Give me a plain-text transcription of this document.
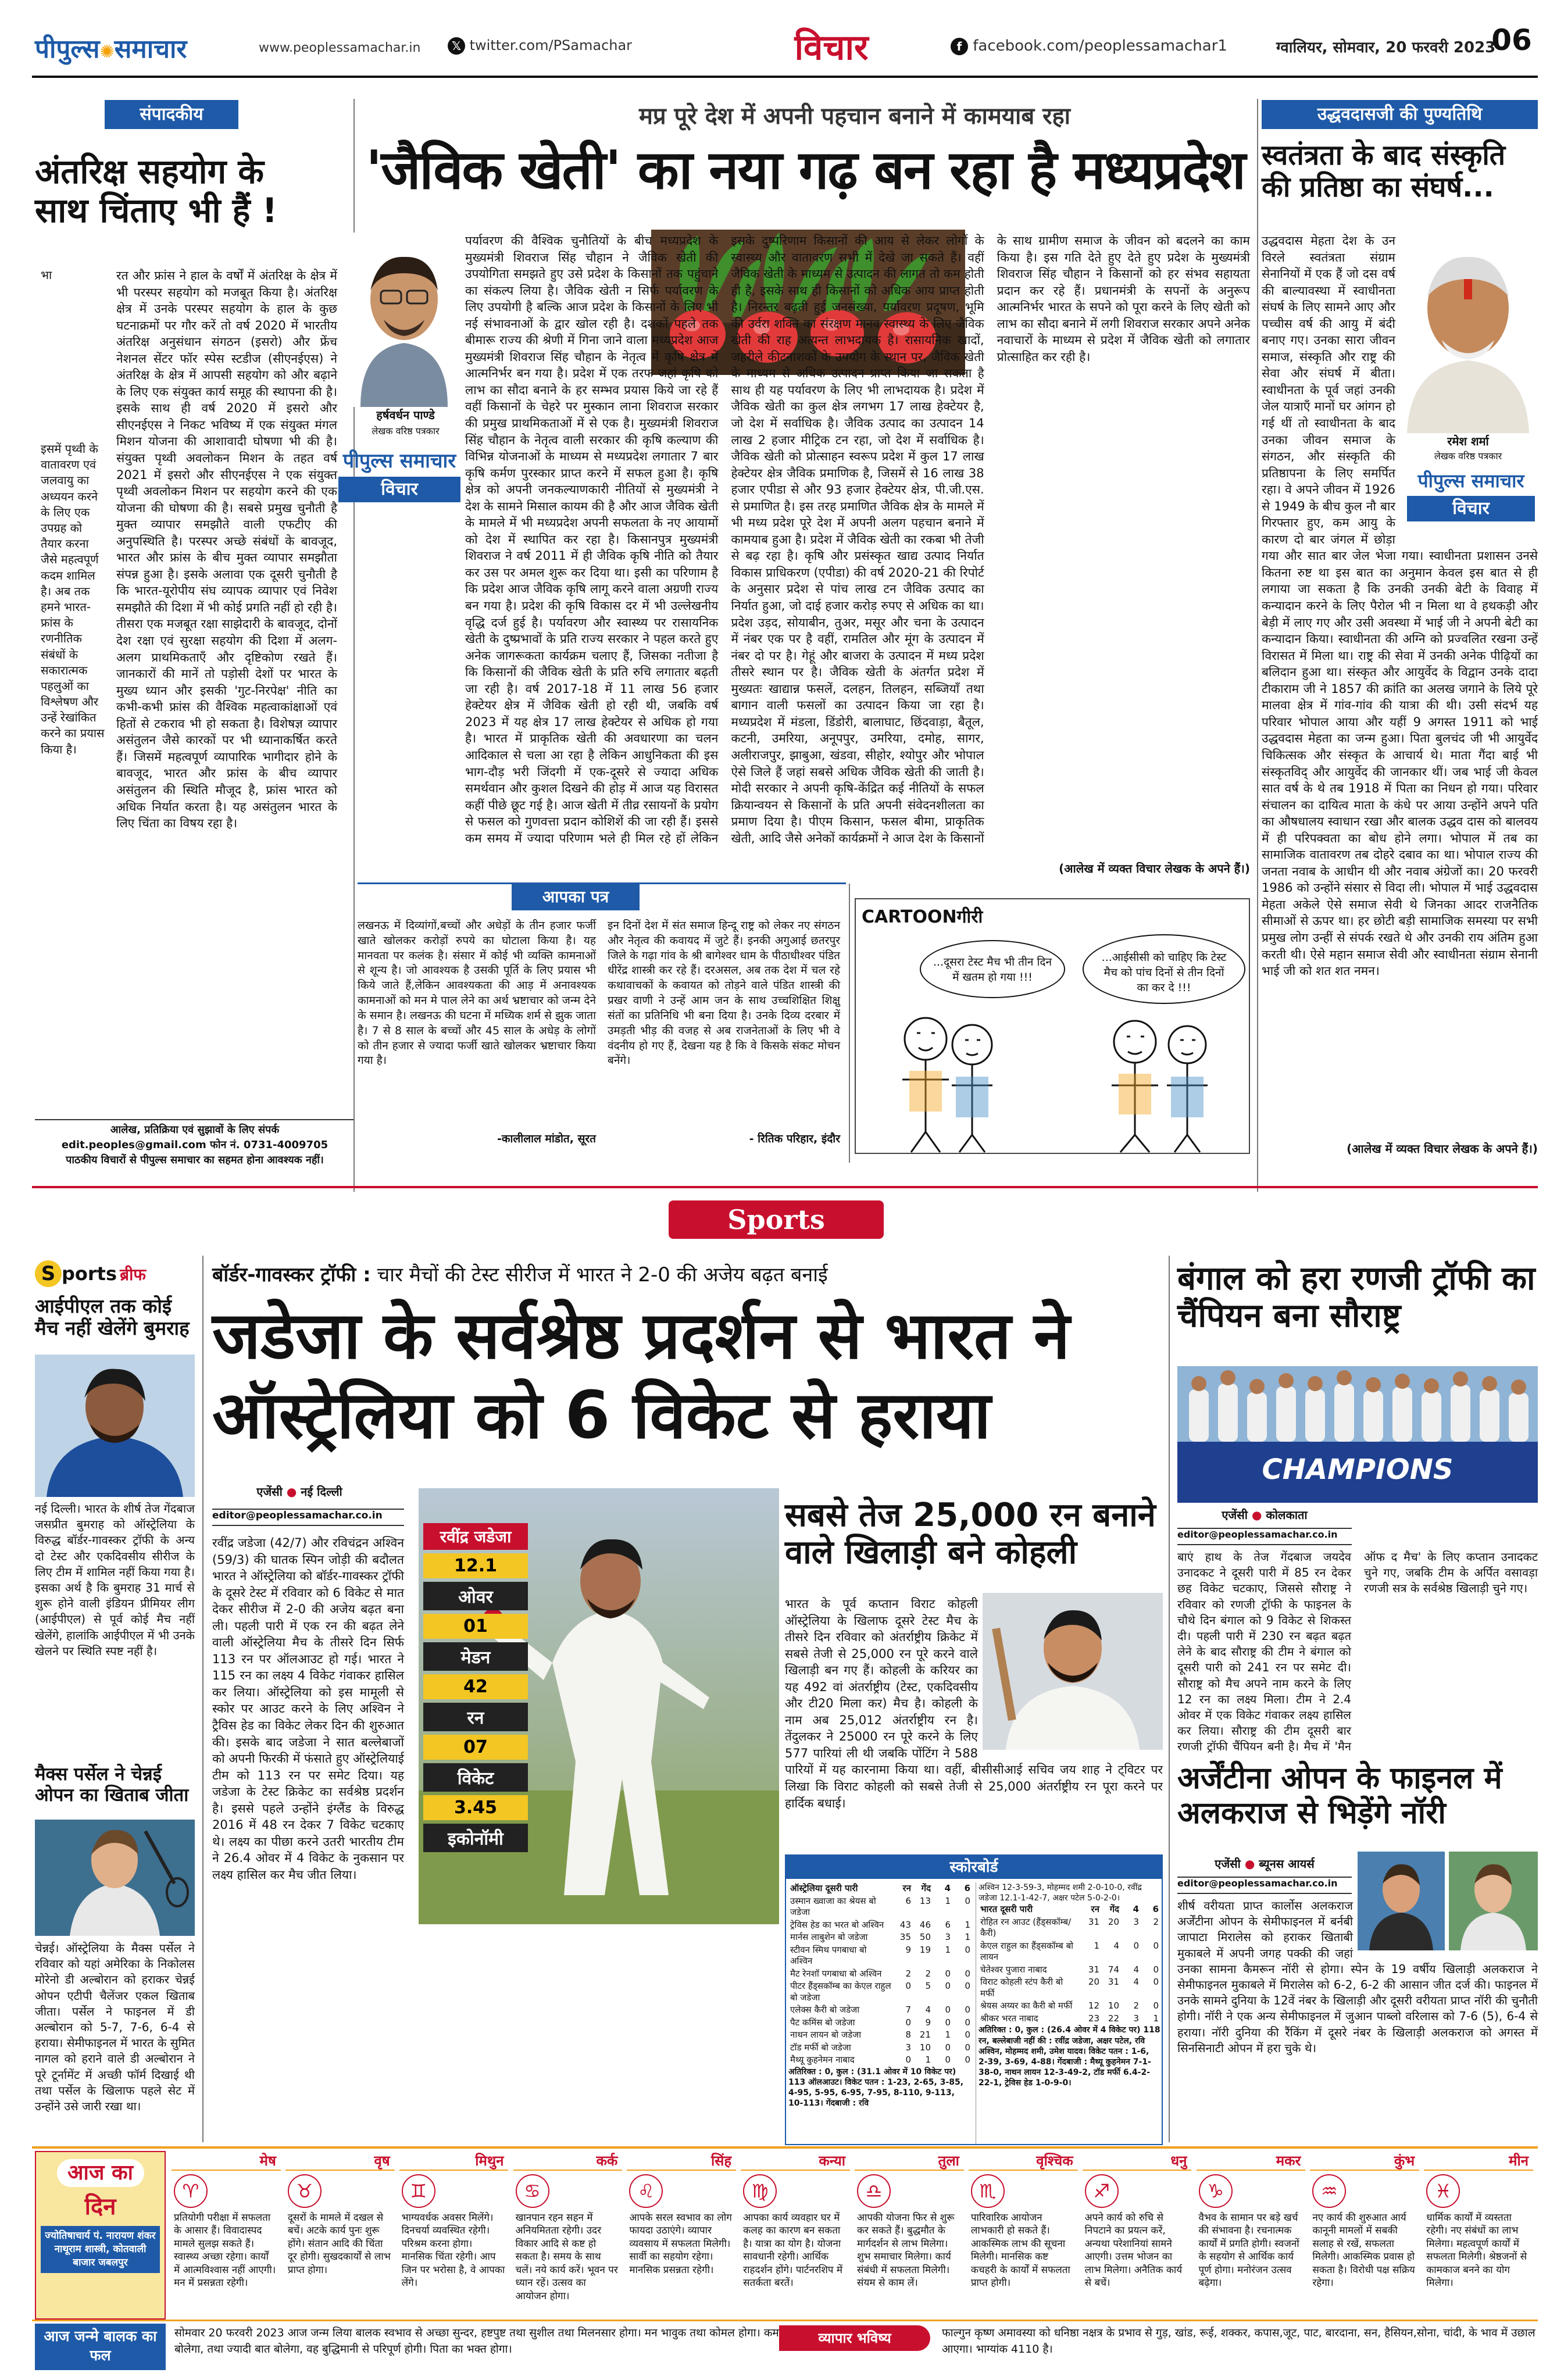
पीपुल्स✺समाचार	www.peoplessamachar.in	𝕏 twitter.com/PSamachar	विचार	f facebook.com/peoplessamachar1	ग्वालियर, सोमवार, 20 फरवरी 2023
06
संपादकीय
अंतरिक्ष सहयोग के साथ चिंताए भी हैं !
भा

इसमें पृथ्वी के वातावरण एवं जलवायु का अध्ययन करने के लिए एक उपग्रह को तैयार करना जैसे महत्वपूर्ण कदम शामिल है। अब तक हमने भारत-फ्रांस के रणनीतिक संबंधों के सकारात्मक पहलुओं का विश्लेषण और उन्हें रेखांकित करने का प्रयास किया है।
रत और फ्रांस ने हाल के वर्षों में अंतरिक्ष के क्षेत्र में भी परस्पर सहयोग को मजबूत किया है। अंतरिक्ष क्षेत्र में उनके परस्पर सहयोग के हाल के कुछ घटनाक्रमों पर गौर करें तो वर्ष 2020 में भारतीय अंतरिक्ष अनुसंधान संगठन (इसरो) और फ्रेंच नेशनल सेंटर फॉर स्पेस स्टडीज (सीएनईएस) ने अंतरिक्ष के क्षेत्र में आपसी सहयोग को और बढ़ाने के लिए एक संयुक्त कार्य समूह की स्थापना की है। इसके साथ ही वर्ष 2020 में इसरो और सीएनईएस ने निकट भविष्य में एक संयुक्त मंगल मिशन योजना की आशावादी घोषणा भी की है। संयुक्त पृथ्वी अवलोकन मिशन के तहत वर्ष 2021 में इसरो और सीएनईएस ने एक संयुक्त पृथ्वी अवलोकन मिशन पर सहयोग करने की एक योजना की घोषणा की है। सबसे प्रमुख चुनौती है मुक्त व्यापार समझौते वाली एफटीए की अनुपस्थिति है। परस्पर अच्छे संबंधों के बावजूद, भारत और फ्रांस के बीच मुक्त व्यापार समझौता संपन्न हुआ है। इसके अलावा एक दूसरी चुनौती है कि भारत-यूरोपीय संघ व्यापक व्यापार एवं निवेश समझौते की दिशा में भी कोई प्रगति नहीं हो रही है। तीसरा एक मजबूत रक्षा साझेदारी के बावजूद, दोनों देश रक्षा एवं सुरक्षा सहयोग की दिशा में अलग-अलग प्राथमिकताएँ और दृष्टिकोण रखते हैं। जानकारों की मानें तो पड़ोसी देशों पर भारत के मुख्य ध्यान और इसकी 'गुट-निरपेक्ष' नीति का कभी-कभी फ्रांस की वैश्विक महत्वाकांक्षाओं एवं हितों से टकराव भी हो सकता है। विशेषज्ञ व्यापार असंतुलन जैसे कारकों पर भी ध्यानाकर्षित करते हैं। जिसमें महत्वपूर्ण व्यापारिक भागीदार होने के बावजूद, भारत और फ्रांस के बीच व्यापार असंतुलन की स्थिति मौजूद है, फ्रांस भारत को अधिक निर्यात करता है। यह असंतुलन भारत के लिए चिंता का विषय रहा है।
आलेख, प्रतिक्रिया एवं सुझावों के लिए संपर्क
edit.peoples@gmail.com फोन नं. 0731-4009705
पाठकीय विचारों से पीपुल्स समाचार का सहमत होना आवश्यक नहीं।
मप्र पूरे देश में अपनी पहचान बनाने में कामयाब रहा
'जैविक खेती' का नया गढ़ बन रहा है मध्यप्रदेश
हर्षवर्धन पाण्डे
लेखक वरिष्ठ पत्रकार
पीपुल्स समाचार
विचार
पर्यावरण की वैश्विक चुनौतियों के बीच मध्यप्रदेश के मुख्यमंत्री शिवराज सिंह चौहान ने जैविक खेती की उपयोगिता समझते हुए उसे प्रदेश के किसानों तक पहुंचाने का संकल्प लिया है। जैविक खेती न सिर्फ पर्यावरण के लिए उपयोगी है बल्कि आज प्रदेश के किसानों के लिए भी नई संभावनाओं के द्वार खोल रही है। दशकों पहले तक बीमारू राज्य की श्रेणी में गिना जाने वाला मध्यप्रदेश आज मुख्यमंत्री शिवराज सिंह चौहान के नेतृत्व में कृषि क्षेत्र में आत्मनिर्भर बन गया है। प्रदेश में एक तरफ जहां कृषि को लाभ का सौदा बनाने के हर सम्भव प्रयास किये जा रहे हैं वहीं किसानों के चेहरे पर मुस्कान लाना शिवराज सरकार की प्रमुख प्राथमिकताओं में से एक है। मुख्यमंत्री शिवराज सिंह चौहान के नेतृत्व वाली सरकार की कृषि कल्याण की विभिन्न योजनाओं के माध्यम से मध्यप्रदेश लगातार 7 बार कृषि कर्मण पुरस्कार प्राप्त करने में सफल हुआ है। कृषि क्षेत्र को अपनी जनकल्याणकारी नीतियों से मुख्यमंत्री ने देश के सामने मिसाल कायम की है और आज जैविक खेती के मामले में भी मध्यप्रदेश अपनी सफलता के नए आयामों को देश में स्थापित कर रहा है। किसानपुत्र मुख्यमंत्री शिवराज ने वर्ष 2011 में ही जैविक कृषि नीति को तैयार कर उस पर अमल शुरू कर दिया था। इसी का परिणाम है कि प्रदेश आज जैविक कृषि लागू करने वाला अग्रणी राज्य बन गया है। प्रदेश की कृषि विकास दर में भी उल्लेखनीय वृद्धि दर्ज हुई है। पर्यावरण और स्वास्थ्य पर रासायनिक खेती के दुष्प्रभावों के प्रति राज्य सरकार ने पहल करते हुए अनेक जागरूकता कार्यक्रम चलाए हैं, जिसका नतीजा है कि किसानों की जैविक खेती के प्रति रुचि लगातार बढ़ती जा रही है। वर्ष 2017-18 में 11 लाख 56 हजार हेक्टेयर क्षेत्र में जैविक खेती हो रही थी, जबकि वर्ष 2023 में यह क्षेत्र 17 लाख हेक्टेयर से अधिक हो गया है। भारत में प्राकृतिक खेती की अवधारणा का चलन आदिकाल से चला आ रहा है लेकिन आधुनिकता की इस भाग-दौड़ भरी जिंदगी में एक-दूसरे से ज्यादा अधिक समर्थवान और कुशल दिखने की होड़ में आज यह विरासत कहीं पीछे छूट गई है। आज खेती में तीव्र रसायनों के प्रयोग से फसल को गुणवत्ता प्रदान कोशिशें की जा रही हैं। इससे कम समय में ज्यादा परिणाम भले ही मिल रहे हों लेकिन इसके दुष्परिणाम किसानों की आय से लेकर लोगों के स्वास्थ्य और वातावरण सभी में देखे जा सकते हैं। वहीं जैविक खेती के माध्यम से उत्पादन की लागत तो कम होती ही है, इसके साथ ही किसानों को अधिक आय प्राप्त होती है। निरन्तर बढ़ती हुई जनसंख्या, पर्यावरण प्रदूषण, भूमि की उर्वरा शक्ति का संरक्षण मानव स्वास्थ्य के लिए जैविक खेती की राह अत्यन्त लाभदायक है। रासायनिक खादों, जहरीले कीटनाशकों के उपयोग के स्थान पर, जैविक खेती के माध्यम से अधिक उत्पादन प्राप्त किया जा सकता है साथ ही यह पर्यावरण के लिए भी लाभदायक है। प्रदेश में जैविक खेती का कुल क्षेत्र लगभग 17 लाख हेक्टेयर है, जो देश में सर्वाधिक है। जैविक उत्पाद का उत्पादन 14 लाख 2 हजार मीट्रिक टन रहा, जो देश में सर्वाधिक है। जैविक खेती को प्रोत्साहन स्वरूप प्रदेश में कुल 17 लाख हेक्टेयर क्षेत्र जैविक प्रमाणिक है, जिसमें से 16 लाख 38 हजार एपीडा से और 93 हजार हेक्टेयर क्षेत्र, पी.जी.एस. से प्रमाणित है। इस तरह प्रमाणित जैविक क्षेत्र के मामले में भी मध्य प्रदेश पूरे देश में अपनी अलग पहचान बनाने में कामयाब हुआ है। प्रदेश में जैविक खेती का रकबा भी तेजी से बढ़ रहा है। कृषि और प्रसंस्कृत खाद्य उत्पाद निर्यात विकास प्राधिकरण (एपीडा) की वर्ष 2020-21 की रिपोर्ट के अनुसार प्रदेश से पांच लाख टन जैविक उत्पाद का निर्यात हुआ, जो दाई हजार करोड़ रुपए से अधिक का था। प्रदेश उड़द, सोयाबीन, तुअर, मसूर और चना के उत्पादन में नंबर एक पर है वहीं, रामतिल और मूंग के उत्पादन में नंबर दो पर है। गेहूं और बाजरा के उत्पादन में मध्य प्रदेश तीसरे स्थान पर है। जैविक खेती के अंतर्गत प्रदेश में मुख्यतः खाद्यान्न फसलें, दलहन, तिलहन, सब्जियाँ तथा बागान वाली फसलों का उत्पादन किया जा रहा है। मध्यप्रदेश में मंडला, डिंडोरी, बालाघाट, छिंदवाड़ा, बैतूल, कटनी, उमरिया, अनूपपुर, उमरिया, दमोह, सागर, अलीराजपुर, झाबुआ, खंडवा, सीहोर, श्योपुर और भोपाल ऐसे जिले हैं जहां सबसे अधिक जैविक खेती की जाती है। मोदी सरकार ने अपनी कृषि-केंद्रित कई नीतियों के सफल क्रियान्वयन से किसानों के प्रति अपनी संवेदनशीलता का प्रमाण दिया है। पीएम किसान, फसल बीमा, प्राकृतिक खेती, आदि जैसे अनेकों कार्यक्रमों ने आज देश के किसानों के साथ ग्रामीण समाज के जीवन को बदलने का काम किया है। इस गति देते हुए देते हुए प्रदेश के मुख्यमंत्री शिवराज सिंह चौहान ने किसानों को हर संभव सहायता प्रदान कर रहे हैं। प्रधानमंत्री के सपनों के अनुरूप आत्मनिर्भर भारत के सपने को पूरा करने के लिए खेती को लाभ का सौदा बनाने में लगी शिवराज सरकार अपने अनेक नवाचारों के माध्यम से प्रदेश में जैविक खेती को लगातार प्रोत्साहित कर रही है।
(आलेख में व्यक्त विचार लेखक के अपने हैं।)
आपका पत्र
लखनऊ में दिव्यांगों,बच्चों और अधेड़ों के तीन हजार फर्जी खाते खोलकर करोड़ों रुपये का घोटाला किया है। यह मानवता पर कलंक है। संसार में कोई भी व्यक्ति कामनाओं से शून्य है। जो आवश्यक है उसकी पूर्ति के लिए प्रयास भी किये जाते हैं,लेकिन आवश्यकता की आड़ में अनावश्यक कामनाओं को मन मे पाल लेने का अर्थ भ्रष्टाचार को जन्म देने के समान है। लखनऊ की घटना में मध्यिक शर्म से झुक जाता है। 7 से 8 साल के बच्चों और 45 साल के अधेड़ के लोगों को तीन हजार से ज्यादा फर्जी खाते खोलकर भ्रष्टाचार किया गया है।
-कालीलाल मांडोत, सूरत
इन दिनों देश में संत समाज हिन्दू राष्ट्र को लेकर नए संगठन और नेतृत्व की कवायद में जुटे हैं। इनकी अगुआई छतरपुर जिले के गढ़ा गांव के श्री बागेश्वर धाम के पीठाधीश्वर पंडित धीरेंद्र शास्त्री कर रहे हैं। दरअसल, अब तक देश में चल रहे कथावाचकों के कवायत को तोड़ने वाले पंडित शास्त्री की प्रखर वाणी ने उन्हें आम जन के साथ उच्चशिक्षित शिक्षु संतों का प्रतिनिधि भी बना दिया है। उनके दिव्य दरबार में उमड़ती भीड़ की वजह से अब राजनेताओं के लिए भी वे वंदनीय हो गए हैं, देखना यह है कि वे किसके संकट मोचन बनेंगे।
- रितिक परिहार, इंदौर
CARTOONगीरी
...दूसरा टेस्ट मैच भी तीन दिन में खतम हो गया !!!
...आईसीसी को चाहिए कि टेस्ट मैच को पांच दिनों से तीन दिनों का कर दे !!!
उद्धवदासजी की पुण्यतिथि
स्वतंत्रता के बाद संस्कृति की प्रतिष्ठा का संघर्ष...
रमेश शर्मा
लेखक वरिष्ठ पत्रकार
पीपुल्स समाचार
विचार
उद्धवदास मेहता देश के उन विरले स्वतंत्रता संग्राम सेनानियों में एक हैं जो दस वर्ष की बाल्यावस्था में स्वाधीनता संघर्ष के लिए सामने आए और पच्चीस वर्ष की आयु में बंदी बनाए गए। उनका सारा जीवन समाज, संस्कृति और राष्ट्र की सेवा और संघर्ष में बीता। स्वाधीनता के पूर्व जहां उनकी जेल यात्राएँ मानों घर आंगन हो गई थीं तो स्वाधीनता के बाद उनका जीवन समाज के संगठन, और संस्कृति की प्रतिष्ठापना के लिए समर्पित रहा। वे अपने जीवन में 1926 से 1949 के बीच कुल नौ बार गिरफ्तार हुए, कम आयु के कारण दो बार जंगल में छोड़ा गया और सात बार जेल भेजा गया। स्वाधीनता प्रशासन उनसे कितना रुष्ट था इस बात का अनुमान केवल इस बात से ही लगाया जा सकता है कि उनकी उनकी बेटी के विवाह में कन्यादान करने के लिए पैरोल भी न मिला था वे हथकड़ी और बेड़ी में लाए गए और उसी अवस्था में भाई जी ने अपनी बेटी का कन्यादान किया। स्वाधीनता की अग्नि को प्रज्वलित रखना उन्हें विरासत में मिला था। राष्ट्र की सेवा में उनकी अनेक पीढ़ियों का बलिदान हुआ था। संस्कृत और आयुर्वेद के विद्वान उनके दादा टीकाराम जी ने 1857 की क्रांति का अलख जगाने के लिये पूरे मालवा क्षेत्र में गांव-गांव की यात्रा की थी। उसी संदर्भ यह परिवार भोपाल आया और यहीं 9 अगस्त 1911 को भाई उद्धवदास मेहता का जन्म हुआ। पिता बुलचंद जी भी आयुर्वेद चिकित्सक और संस्कृत के आचार्य थे। माता गैंदा बाई भी संस्कृतविद् और आयुर्वेद की जानकार थीं। जब भाई जी केवल सात वर्ष के थे तब 1918 में पिता का निधन हो गया। परिवार संचालन का दायित्व माता के कंधे पर आया उन्होंने अपने पति का औषधालय स्वाधान रखा और बालक उद्धव दास को बालवय में ही परिपक्वता का बोध होने लगा। भोपाल में तब का सामाजिक वातावरण तब दोहरे दबाव का था। भोपाल राज्य की जनता नवाब के आधीन थी और नवाब अंग्रेजों का। 20 फरवरी 1986 को उन्होंने संसार से विदा ली। भोपाल में भाई उद्धवदास मेहता अकेले ऐसे समाज सेवी थे जिनका आदर राजनैतिक सीमाओं से ऊपर था। हर छोटी बड़ी सामाजिक समस्या पर सभी प्रमुख लोग उन्हीं से संपर्क रखते थे और उनकी राय अंतिम हुआ करती थी। ऐसे महान समाज सेवी और स्वाधीनता संग्राम सेनानी भाई जी को शत शत नमन।
(आलेख में व्यक्त विचार लेखक के अपने हैं।)
Sports
S ports ब्रीफ
आईपीएल तक कोई मैच नहीं खेलेंगे बुमराह
नई दिल्ली। भारत के शीर्ष तेज गेंदबाज जसप्रीत बुमराह को ऑस्ट्रेलिया के विरुद्ध बॉर्डर-गावस्कर ट्रॉफी के अन्य दो टेस्ट और एकदिवसीय सीरीज के लिए टीम में शामिल नहीं किया गया है। इसका अर्थ है कि बुमराह 31 मार्च से शुरू होने वाली इंडियन प्रीमियर लीग (आईपीएल) से पूर्व कोई मैच नहीं खेलेंगे, हालांकि आईपीएल में भी उनके खेलने पर स्थिति स्पष्ट नहीं है।
मैक्स पर्सेल ने चेन्नई ओपन का खिताब जीता
चेन्नई। ऑस्ट्रेलिया के मैक्स पर्सेल ने रविवार को यहां अमेरिका के निकोलस मोरेनो डी अल्बोरान को हराकर चेन्नई ओपन एटीपी चैलेंजर एकल खिताब जीता। पर्सेल ने फाइनल में डी अल्बोरान को 5-7, 7-6, 6-4 से हराया। सेमीफाइनल में भारत के सुमित नागल को हराने वाले डी अल्बोरान ने पूरे टूर्नामेंट में अच्छी फॉर्म दिखाई थी तथा पर्सेल के खिलाफ पहले सेट में उन्होंने उसे जारी रखा था।
बॉर्डर-गावस्कर ट्रॉफी : चार मैचों की टेस्ट सीरीज में भारत ने 2-0 की अजेय बढ़त बनाई
जडेजा के सर्वश्रेष्ठ प्रदर्शन से भारत ने ऑस्ट्रेलिया को 6 विकेट से हराया
एजेंसी ● नई दिल्ली
editor@peoplessamachar.co.in
रवींद्र जडेजा (42/7) और रविचंद्रन अश्विन (59/3) की घातक स्पिन जोड़ी की बदौलत भारत ने ऑस्ट्रेलिया को बॉर्डर-गावस्कर ट्रॉफी के दूसरे टेस्ट में रविवार को 6 विकेट से मात देकर सीरीज में 2-0 की अजेय बढ़त बना ली। पहली पारी में एक रन की बढ़त लेने वाली ऑस्ट्रेलिया मैच के तीसरे दिन सिर्फ 113 रन पर ऑलआउट हो गई। भारत ने 115 रन का लक्ष्य 4 विकेट गंवाकर हासिल कर लिया। ऑस्ट्रेलिया को इस मामूली से स्कोर पर आउट करने के लिए अश्विन ने ट्रैविस हेड का विकेट लेकर दिन की शुरुआत की। इसके बाद जडेजा ने सात बल्लेबाजों को अपनी फिरकी में फंसाते हुए ऑस्ट्रेलियाई टीम को 113 रन पर समेट दिया। यह जडेजा के टेस्ट क्रिकेट का सर्वश्रेष्ठ प्रदर्शन है। इससे पहले उन्होंने इंग्लैंड के विरुद्ध 2016 में 48 रन देकर 7 विकेट चटकाए थे। लक्ष्य का पीछा करने उतरी भारतीय टीम ने 26.4 ओवर में 4 विकेट के नुकसान पर लक्ष्य हासिल कर मैच जीत लिया।
रवींद्र जडेजा
12.1
ओवर
01
मेडन
42
रन
07
विकेट
3.45
इकोनॉमी
सबसे तेज 25,000 रन बनाने वाले खिलाड़ी बने कोहली
भारत के पूर्व कप्तान विराट कोहली ऑस्ट्रेलिया के खिलाफ दूसरे टेस्ट मैच के तीसरे दिन रविवार को अंतर्राष्ट्रीय क्रिकेट में सबसे तेजी से 25,000 रन पूरे करने वाले खिलाड़ी बन गए हैं। कोहली के करियर का यह 492 वां अंतर्राष्ट्रीय (टेस्ट, एकदिवसीय और टी20 मिला कर) मैच है। कोहली के नाम अब 25,012 अंतर्राष्ट्रीय रन है। तेंदुलकर ने 25000 रन पूरे करने के लिए 577 पारियां ली थी जबकि पोंटिंग ने 588 पारियों में यह कारनामा किया था। वहीं, बीसीसीआई सचिव जय शाह ने ट्विटर पर लिखा कि विराट कोहली को सबसे तेजी से 25,000 अंतर्राष्ट्रीय रन पूरा करने पर हार्दिक बधाई।
स्कोरबोर्ड
ऑस्ट्रेलिया दूसरी पारी	रन	गेंद	4	6
उस्मान ख्वाजा का श्रेयस बो जडेजा	6	13	1	0
ट्रेविस हेड का भरत बो अश्विन	43	46	6	1
मार्नस लाबुशेन बो जडेजा	35	50	3	1
स्टीवन स्मिथ पगबाधा बो अश्विन	9	19	1	0
मैट रेनशॉ पगबाधा बो अश्विन	2	2	0	0
पीटर हैंड्सकॉम्ब का केएल राहुल बो जडेजा	0	5	0	0
एलेक्स कैरी बो जडेजा	7	4	0	0
पैट कमिंस बो जडेजा	0	9	0	0
नाथन लायन बो जडेजा	8	21	1	0
टॉड मर्फी बो जडेजा	3	10	0	0
मैथ्यू कुहनेमन नाबाद	0	1	0	0
अतिरिक्त : 0, कुल : (31.1 ओवर में 10 विकेट पर) 113 ऑलआउट। विकेट पतन : 1-23, 2-65, 3-85, 4-95, 5-95, 6-95, 7-95, 8-110, 9-113, 10-113। गेंदबाजी : रवि
अश्विन 12-3-59-3, मोहम्मद शमी 2-0-10-0, रवींद्र जडेजा 12.1-1-42-7, अक्षर पटेल 5-0-2-0।
भारत दूसरी पारी	रन	गेंद	4	6
रोहित रन आउट (हैंड्सकॉम्ब/कैरी)	31	20	3	2
केएल राहुल का हैंड्सकॉम्ब बो लायन	1	4	0	0
चेतेश्वर पुजारा नाबाद	31	74	4	0
विराट कोहली स्टंप कैरी बो मर्फी	20	31	4	0
श्रेयस अय्यर का कैरी बो मर्फी	12	10	2	0
श्रीकर भरत नाबाद	23	22	3	1
अतिरिक्त : 0, कुल : (26.4 ओवर में 4 विकेट पर) 118 रन, बल्लेबाजी नहीं की : रवींद्र जडेजा, अक्षर पटेल, रवि अश्विन, मोहम्मद शमी, उमेश यादव। विकेट पतन : 1-6, 2-39, 3-69, 4-88। गेंदबाजी : मैथ्यू कुहनेमन 7-1-38-0, नाथन लायन 12-3-49-2, टॉड मर्फी 6.4-2-22-1, ट्रेविस हेड 1-0-9-0।
बंगाल को हरा रणजी ट्रॉफी का चैंपियन बना सौराष्ट्र
CHAMPIONS
एजेंसी ● कोलकाता
editor@peoplessamachar.co.in
बाएं हाथ के तेज गेंदबाज जयदेव उनादकट ने दूसरी पारी में 85 रन देकर छह विकेट चटकाए, जिससे सौराष्ट्र ने रविवार को रणजी ट्रॉफी के फाइनल के चौथे दिन बंगाल को 9 विकेट से शिकस्त दी। पहली पारी में 230 रन बढ़त बढ़त लेने के बाद सौराष्ट्र की टीम ने बंगाल को दूसरी पारी को 241 रन पर समेट दी। सौराष्ट्र को मैच अपने नाम करने के लिए 12 रन का लक्ष्य मिला। टीम ने 2.4 ओवर में एक विकेट गंवाकर लक्ष्य हासिल कर लिया। सौराष्ट्र की टीम दूसरी बार रणजी ट्रॉफी चैंपियन बनी है। मैच में 'मैन ऑफ द मैच' के लिए कप्तान उनादकट चुने गए, जबकि टीम के अर्पित वसावड़ा रणजी सत्र के सर्वश्रेष्ठ खिलाड़ी चुने गए।
अर्जेंटीना ओपन के फाइनल में अलकराज से भिड़ेंगे नॉरी
एजेंसी ● ब्यूनस आयर्स
editor@peoplessamachar.co.in
शीर्ष वरीयता प्राप्त कार्लोस अलकराज अर्जेंटीना ओपन के सेमीफाइनल में बर्नबी जापाटा मिरालेस को हराकर खिताबी मुकाबले में अपनी जगह पक्की की जहां उनका सामना कैमरून नॉरी से होगा। स्पेन के 19 वर्षीय खिलाड़ी अलकराज ने सेमीफाइनल मुकाबले में मिरालेस को 6-2, 6-2 की आसान जीत दर्ज की। फाइनल में उनके सामने दुनिया के 12वें नंबर के खिलाड़ी और दूसरी वरीयता प्राप्त नॉरी की चुनौती होगी। नॉरी ने एक अन्य सेमीफाइनल में जुआन पाब्लो वरिलास को 7-6 (5), 6-4 से हराया। नॉरी दुनिया की रैंकिंग में दूसरे नंबर के खिलाड़ी अलकराज को अगस्त में सिनसिनाटी ओपन में हरा चुके थे।
आज का
दिन
ज्योतिषाचार्य पं. नारायण शंकर नाथूराम शास्त्री, कोतवाली बाजार जबलपुर
मेष
♈
प्रतियोगी परीक्षा में सफलता के आसार हैं। विवादास्पद मामले सुलझ सकते हैं। स्वास्थ्य अच्छा रहेगा। कार्यों में आत्मविश्वास नहीं आएगी। मन में प्रसन्नता रहेगी।
वृष
♉
दूसरों के मामले में दखल से बचें। अटके कार्य पुनः शुरू होंगे। संतान आदि की चिंता दूर होगी। सुखदकार्यों से लाभ प्राप्त होगा।
मिथुन
♊
भाग्यवर्धक अवसर मिलेंगे। दिनचर्या व्यवस्थित रहेगी। परिश्रम करना होगा। मानसिक चिंता रहेगी। आप जिन पर भरोसा है, वे आपका लेंगे।
कर्क
♋
खानपान रहन सहन में अनियमितता रहेगी। उदर विकार आदि से कष्ट हो सकता है। समय के साथ चलें। नये कार्य करें। भूवन पर ध्यान रहें। उत्सव का आयोजन होगा।
सिंह
♌
आपके सरल स्वभाव का लोग फायदा उठाएंगे। व्यापार व्यवसाय में सफलता मिलेगी। सार्वी का सहयोग रहेगा। मानसिक प्रसन्नता रहेगी।
कन्या
♍
आपका कार्य व्यवहार घर में कलह का कारण बन सकता है। यात्रा का योग है। योजना सावधानी रहेगी। आर्थिक राहदर्शन होंगे। पार्टनरशिप में सतर्कता बरतें।
तुला
♎
आपकी योजना फिर से शुरू कर सकते हैं। बुद्धमौत के मार्गदर्शन से लाभ मिलेगा। शुभ समाचार मिलेगा। कार्य संबंधी में सफलता मिलेगी। संयम से काम लें।
वृश्चिक
♏
पारिवारिक आयोजन लाभकारी हो सकते हैं। आकस्मिक लाभ की सूचना मिलेगी। मानसिक कष्ट कचहरी के कार्यों में सफलता प्राप्त होगी।
धनु
♐
अपने कार्य को रुचि से निपटाने का प्रयत्न करें, अन्यथा परेशानियां सामने आएगी। उत्तम भोजन का लाभ मिलेगा। अनैतिक कार्य से बचें।
मकर
♑
वैभव के सामान पर बड़े खर्च की संभावना है। रचनात्मक कार्यों में प्रगति होगी। स्वजनों के सहयोग से आर्थिक कार्य पूर्ण होगा। मनोरंजन उत्सव बढ़ेगा।
कुंभ
♒
नए कार्य की शुरुआत आर्य कानूनी मामलों में सबकी सलाह से रखें, सफलता मिलेगी। आकस्मिक प्रवास हो सकता है। विरोधी पक्ष सक्रिय रहेगा।
मीन
♓
धार्मिक कार्यों में व्यस्तता रहेगी। नए संबंधों का लाभ मिलेगा। महत्वपूर्ण कार्यों में सफलता मिलेगी। श्रेष्ठजनों से कामकाज बनने का योग मिलेगा।
आज जन्मे बालक का फल
सोमवार 20 फरवरी 2023 आज जन्म लिया बालक स्वभाव से अच्छा सुन्दर, हष्टपुष्ट तथा सुशील तथा मिलनसार होगा। मन भावुक तथा कोमल होगा। कम बोलेगा, तथा ज्यादी बात बोलेगा, वह बुद्धिमानी से परिपूर्ण होगी। पिता का भक्त होगा।
व्यापार भविष्य	फाल्गुन कृष्ण अमावस्या को धनिष्ठा नक्षत्र के प्रभाव से गुड़, खांड, रूई, शक्कर, कपास,जूट, पाट, बारदाना, सन, हैसियन,सोना, चांदी, के भाव में उछाल आएगा। भाग्यांक 4110 है।
